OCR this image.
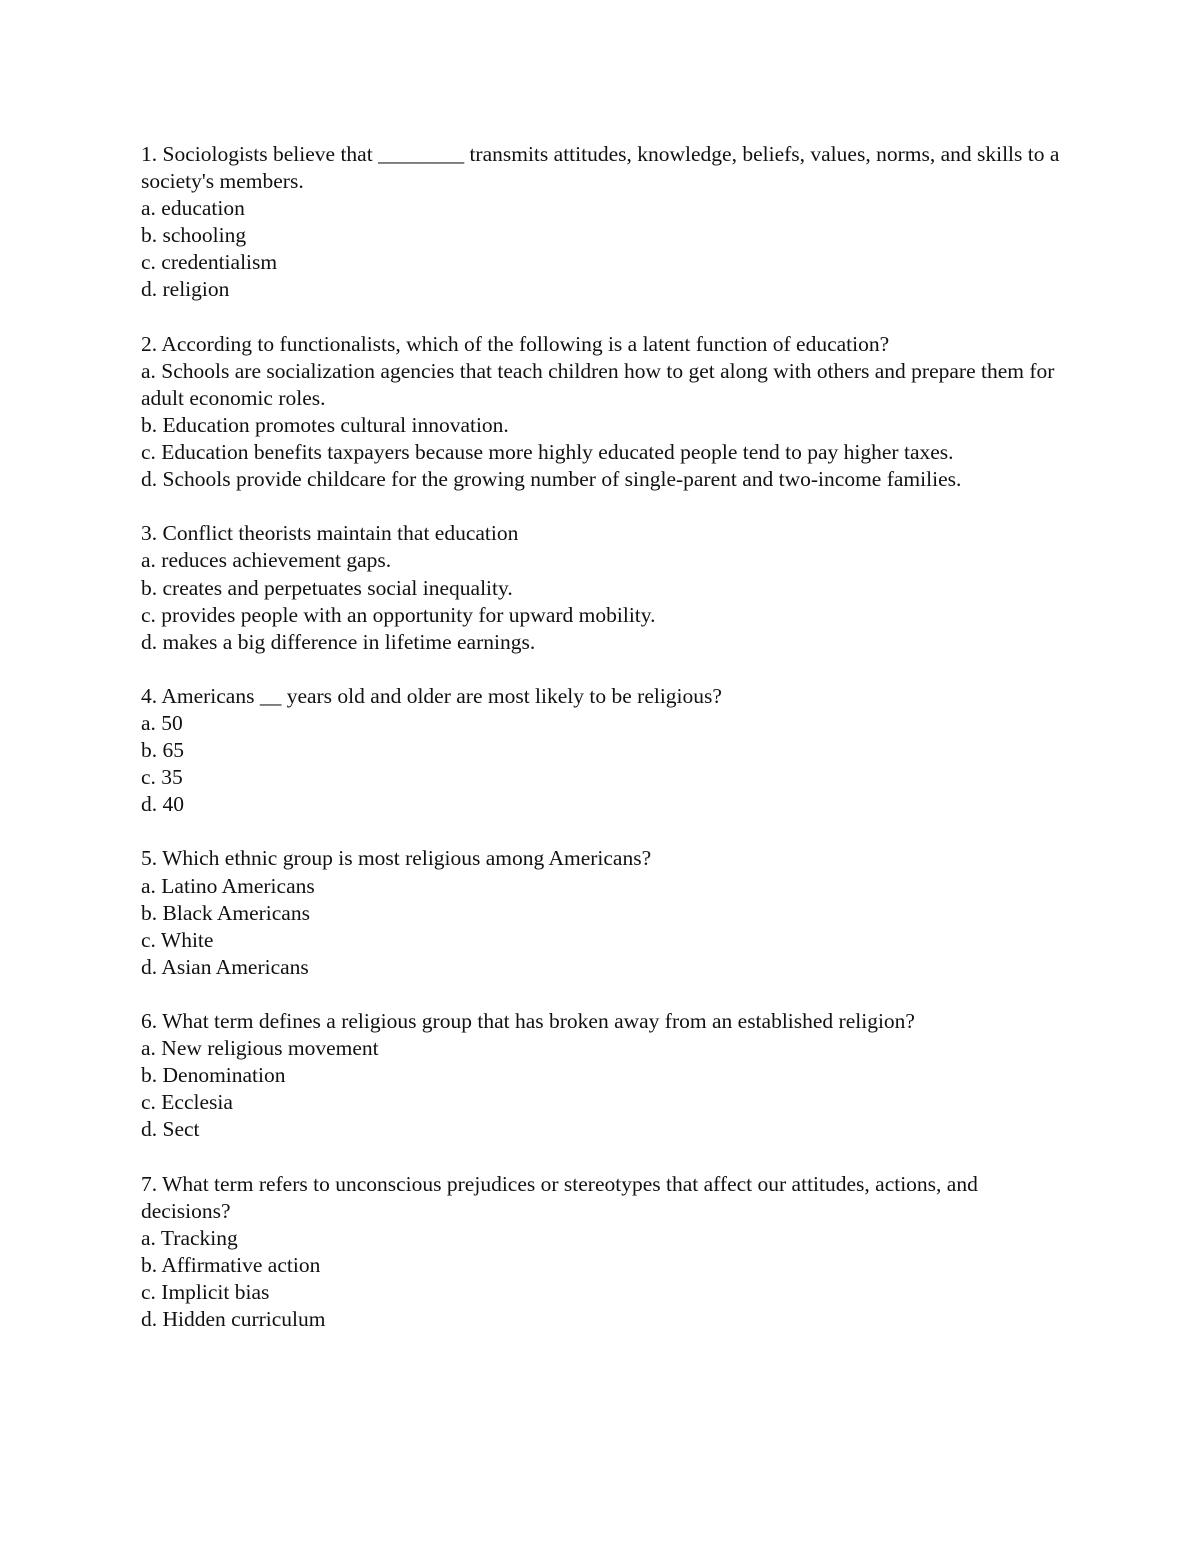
1. Sociologists believe that ________ transmits attitudes, knowledge, beliefs, values, norms, and skills to a society's members.
a. education
b. schooling
c. credentialism
d. religion
2. According to functionalists, which of the following is a latent function of education?
a. Schools are socialization agencies that teach children how to get along with others and prepare them for adult economic roles.
b. Education promotes cultural innovation.
c. Education benefits taxpayers because more highly educated people tend to pay higher taxes.
d. Schools provide childcare for the growing number of single-parent and two-income families.
3. Conflict theorists maintain that education
a. reduces achievement gaps.
b. creates and perpetuates social inequality.
c. provides people with an opportunity for upward mobility.
d. makes a big difference in lifetime earnings.
4. Americans __ years old and older are most likely to be religious?
a. 50
b. 65
c. 35
d. 40
5. Which ethnic group is most religious among Americans?
a. Latino Americans
b. Black Americans
c. White
d. Asian Americans
6. What term defines a religious group that has broken away from an established religion?
a. New religious movement
b. Denomination
c. Ecclesia
d. Sect
7. What term refers to unconscious prejudices or stereotypes that affect our attitudes, actions, and decisions?
a. Tracking
b. Affirmative action
c. Implicit bias
d. Hidden curriculum
